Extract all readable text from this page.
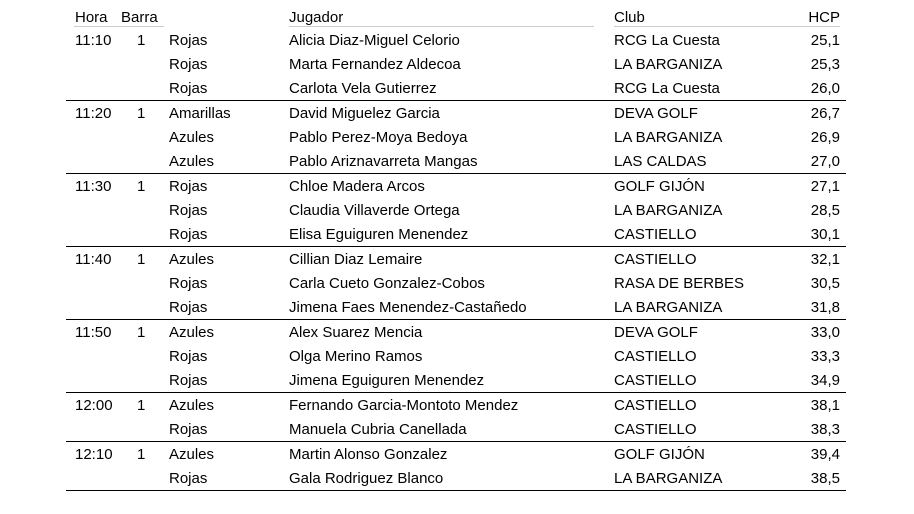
Hora Barra	Jugador	Club	HCP
11:10 1 Rojas	Alicia Diaz-Miguel Celorio	RCG La Cuesta	25,1
Rojas	Marta Fernandez Aldecoa	LA BARGANIZA	25,3
Rojas	Carlota Vela Gutierrez	RCG La Cuesta	26,0
11:20 1 Amarillas	David Miguelez Garcia	DEVA GOLF	26,7
Azules	Pablo Perez-Moya Bedoya	LA BARGANIZA	26,9
Azules	Pablo Ariznavarreta Mangas	LAS CALDAS	27,0
11:30 1 Rojas	Chloe Madera Arcos	GOLF GIJÓN	27,1
Rojas	Claudia Villaverde Ortega	LA BARGANIZA	28,5
Rojas	Elisa Eguiguren Menendez	CASTIELLO	30,1
11:40 1 Azules	Cillian Diaz Lemaire	CASTIELLO	32,1
Rojas	Carla Cueto Gonzalez-Cobos	RASA DE BERBES	30,5
Rojas	Jimena Faes Menendez-Castañedo	LA BARGANIZA	31,8
11:50 1 Azules	Alex Suarez Mencia	DEVA GOLF	33,0
Rojas	Olga Merino Ramos	CASTIELLO	33,3
Rojas	Jimena Eguiguren Menendez	CASTIELLO	34,9
12:00 1 Azules	Fernando Garcia-Montoto Mendez	CASTIELLO	38,1
Rojas	Manuela Cubria Canellada	CASTIELLO	38,3
12:10 1 Azules	Martin Alonso Gonzalez	GOLF GIJÓN	39,4
Rojas	Gala Rodriguez Blanco	LA BARGANIZA	38,5
